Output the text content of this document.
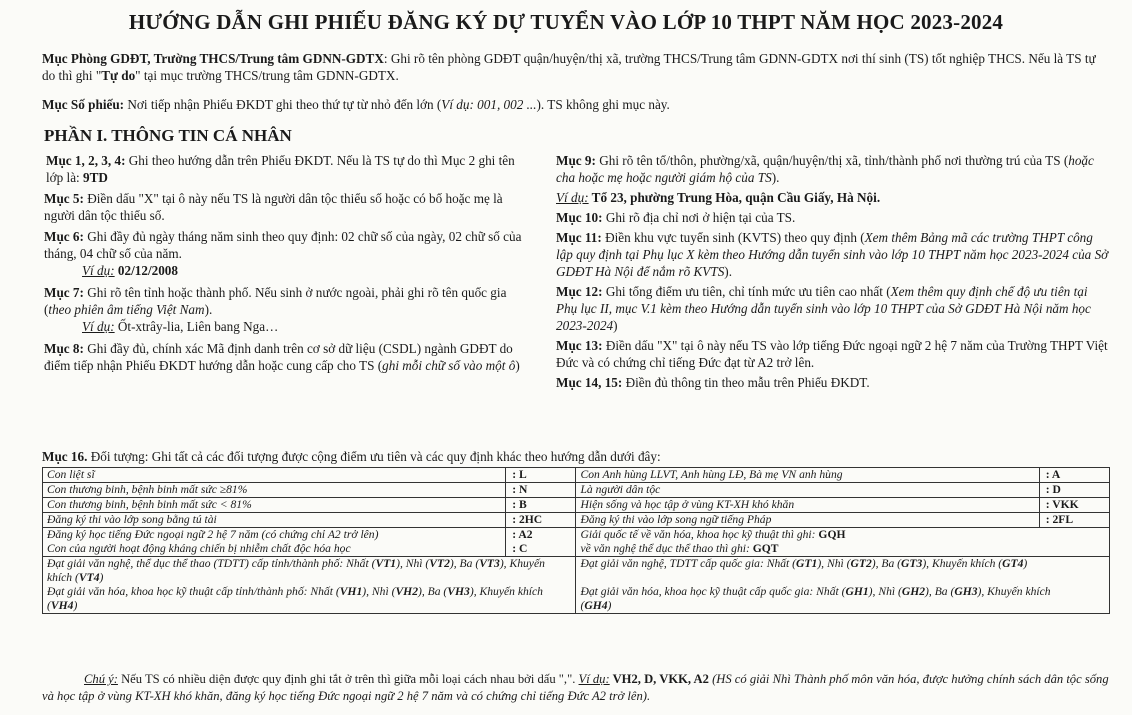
HƯỚNG DẪN GHI PHIẾU ĐĂNG KÝ DỰ TUYỂN VÀO LỚP 10 THPT NĂM HỌC 2023-2024
Mục Phòng GDĐT, Trường THCS/Trung tâm GDNN-GDTX: Ghi rõ tên phòng GDĐT quận/huyện/thị xã, trường THCS/Trung tâm GDNN-GDTX nơi thí sinh (TS) tốt nghiệp THCS. Nếu là TS tự do thì ghi "Tự do" tại mục trường THCS/trung tâm GDNN-GDTX.
Mục Số phiếu: Nơi tiếp nhận Phiếu ĐKDT ghi theo thứ tự từ nhỏ đến lớn (Ví dụ: 001, 002 ...). TS không ghi mục này.
PHẦN I. THÔNG TIN CÁ NHÂN

Mục 1, 2, 3, 4: Ghi theo hướng dẫn trên Phiếu ĐKDT. Nếu là TS tự do thì Mục 2 ghi tên lớp là: 9TD

Mục 5: Điền dấu "X" tại ô này nếu TS là người dân tộc thiểu số hoặc có bố hoặc mẹ là người dân tộc thiểu số.

Mục 6: Ghi đầy đủ ngày tháng năm sinh theo quy định: 02 chữ số của ngày, 02 chữ số của tháng, 04 chữ số của năm.

Ví dụ: 02/12/2008

Mục 7: Ghi rõ tên tỉnh hoặc thành phố. Nếu sinh ở nước ngoài, phải ghi rõ tên quốc gia (theo phiên âm tiếng Việt Nam).

Ví dụ: Ốt-xtrây-lia, Liên bang Nga…

Mục 8: Ghi đầy đủ, chính xác Mã định danh trên cơ sở dữ liệu (CSDL) ngành GDĐT do điểm tiếp nhận Phiếu ĐKDT hướng dẫn hoặc cung cấp cho TS (ghi mỗi chữ số vào một ô)

Mục 9: Ghi rõ tên tổ/thôn, phường/xã, quận/huyện/thị xã, tỉnh/thành phố nơi thường trú của TS (hoặc cha hoặc mẹ hoặc người giám hộ của TS).

Ví dụ: Tổ 23, phường Trung Hòa, quận Cầu Giấy, Hà Nội.

Mục 10: Ghi rõ địa chỉ nơi ở hiện tại của TS.

Mục 11: Điền khu vực tuyển sinh (KVTS) theo quy định (Xem thêm Bảng mã các trường THPT công lập quy định tại Phụ lục X kèm theo Hướng dẫn tuyển sinh vào lớp 10 THPT năm học 2023-2024 của Sở GDĐT Hà Nội để nắm rõ KVTS).

Mục 12: Ghi tổng điểm ưu tiên, chỉ tính mức ưu tiên cao nhất (Xem thêm quy định chế độ ưu tiên tại Phụ lục II, mục V.1 kèm theo Hướng dẫn tuyển sinh vào lớp 10 THPT của Sở GDĐT Hà Nội năm học 2023-2024)

Mục 13: Điền dấu "X" tại ô này nếu TS vào lớp tiếng Đức ngoại ngữ 2 hệ 7 năm của Trường THPT Việt Đức và có chứng chỉ tiếng Đức đạt từ A2 trở lên.

Mục 14, 15: Điền đủ thông tin theo mẫu trên Phiếu ĐKDT.

Mục 16. Đối tượng: Ghi tất cả các đối tượng được cộng điểm ưu tiên và các quy định khác theo hướng dẫn dưới đây:
Con liệt sĩ	: L	Con Anh hùng LLVT, Anh hùng LĐ, Bà mẹ VN anh hùng	: A
Con thương binh, bệnh binh mất sức ≥81%	: N	Là người dân tộc	: D
Con thương binh, bệnh binh mất sức < 81%	: B	Hiện sống và học tập ở vùng KT-XH khó khăn	: VKK
Đăng ký thi vào lớp song bằng tú tài	: 2HC	Đăng ký thi vào lớp song ngữ tiếng Pháp	: 2FL
Đăng ký học tiếng Đức ngoại ngữ 2 hệ 7 năm (có chứng chỉ A2 trở lên)	: A2	Giải quốc tế về văn hóa, khoa học kỹ thuật thì ghi: GQH	
Con của người hoạt động kháng chiến bị nhiễm chất độc hóa học	: C	về văn nghệ thể dục thể thao thì ghi: GQT	
Đạt giải văn nghệ, thể dục thể thao (TDTT) cấp tỉnh/thành phố: Nhất (VT1), Nhì (VT2), Ba (VT3), Khuyến khích (VT4)		Đạt giải văn nghệ, TDTT cấp quốc gia: Nhất (GT1), Nhì (GT2), Ba (GT3), Khuyến khích (GT4)	
Đạt giải văn hóa, khoa học kỹ thuật cấp tỉnh/thành phố: Nhất (VH1), Nhì (VH2), Ba (VH3), Khuyến khích (VH4)		Đạt giải văn hóa, khoa học kỹ thuật cấp quốc gia: Nhất (GH1), Nhì (GH2), Ba (GH3), Khuyến khích (GH4)	
Chú ý: Nếu TS có nhiều diện được quy định ghi tắt ở trên thì giữa mỗi loại cách nhau bởi dấu ",". Ví dụ: VH2, D, VKK, A2 (HS có giải Nhì Thành phố môn văn hóa, được hưởng chính sách dân tộc sống và học tập ở vùng KT-XH khó khăn, đăng ký học tiếng Đức ngoại ngữ 2 hệ 7 năm và có chứng chỉ tiếng Đức A2 trở lên).
